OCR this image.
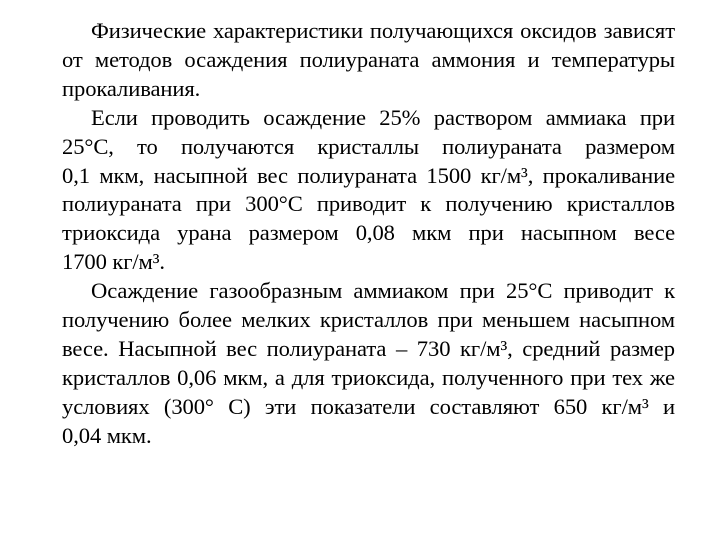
Физические характеристики получающихся оксидов зависят
от методов осаждения полиураната аммония и температуры
прокаливания.

Если проводить осаждение 25% раствором аммиака при
25°С, то получаются кристаллы полиураната размером
0,1 мкм, насыпной вес полиураната 1500 кг/м³, прокаливание
полиураната при 300°С приводит к получению кристаллов
триоксида урана размером 0,08 мкм при насыпном весе
1700 кг/м³.

Осаждение газообразным аммиаком при 25°С приводит к
получению более мелких кристаллов при меньшем насыпном
весе. Насыпной вес полиураната – 730 кг/м³, средний размер
кристаллов 0,06 мкм, а для триоксида, полученного при тех же
условиях (300° С) эти показатели составляют 650 кг/м³ и
0,04 мкм.
